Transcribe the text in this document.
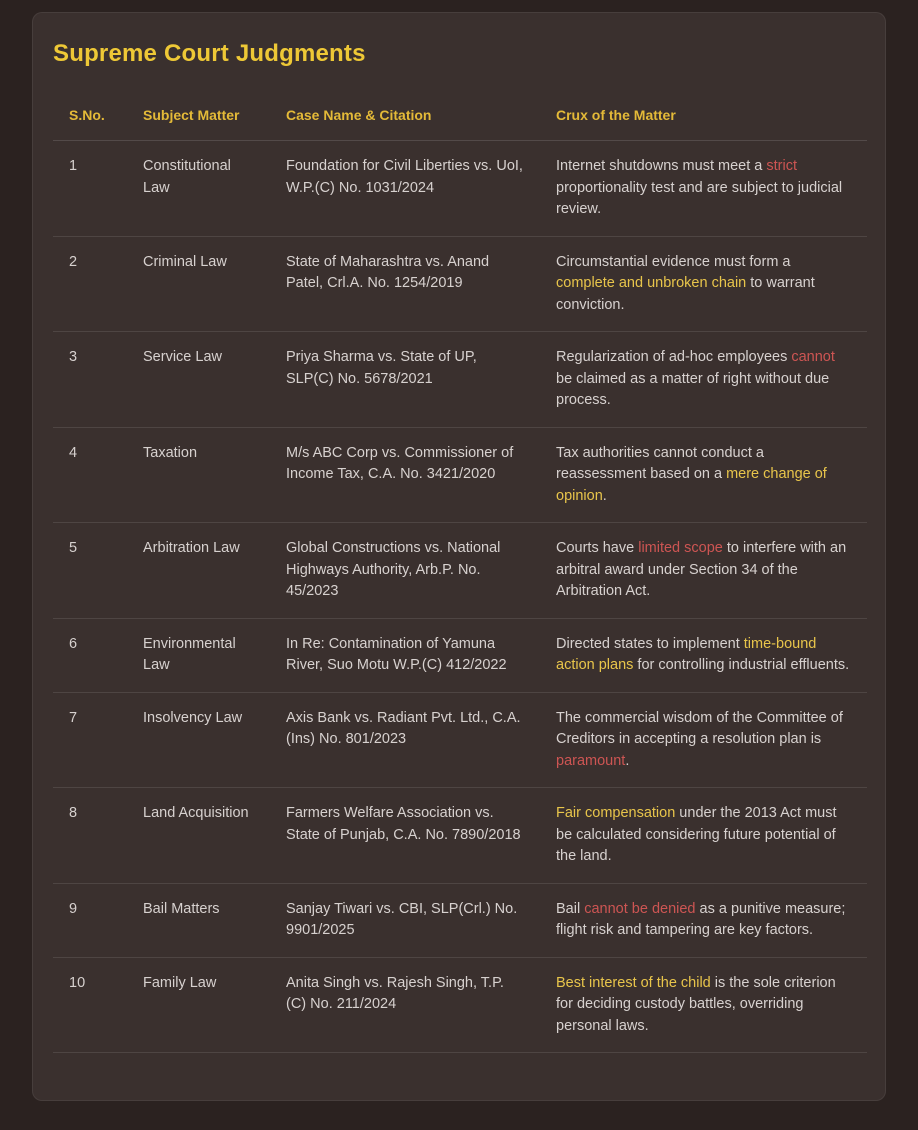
Supreme Court Judgments
S.No.	Subject Matter	Case Name & Citation	Crux of the Matter
1	Constitutional Law	Foundation for Civil Liberties vs. UoI, W.P.(C) No. 1031/2024	Internet shutdowns must meet a strict proportionality test and are subject to judicial review.
2	Criminal Law	State of Maharashtra vs. Anand Patel, Crl.A. No. 1254/2019	Circumstantial evidence must form a complete and unbroken chain to warrant conviction.
3	Service Law	Priya Sharma vs. State of UP, SLP(C) No. 5678/2021	Regularization of ad-hoc employees cannot be claimed as a matter of right without due process.
4	Taxation	M/s ABC Corp vs. Commissioner of Income Tax, C.A. No. 3421/2020	Tax authorities cannot conduct a reassessment based on a mere change of opinion.
5	Arbitration Law	Global Constructions vs. National Highways Authority, Arb.P. No. 45/2023	Courts have limited scope to interfere with an arbitral award under Section 34 of the Arbitration Act.
6	Environmental Law	In Re: Contamination of Yamuna River, Suo Motu W.P.(C) 412/2022	Directed states to implement time-bound action plans for controlling industrial effluents.
7	Insolvency Law	Axis Bank vs. Radiant Pvt. Ltd., C.A. (Ins) No. 801/2023	The commercial wisdom of the Committee of Creditors in accepting a resolution plan is paramount.
8	Land Acquisition	Farmers Welfare Association vs. State of Punjab, C.A. No. 7890/2018	Fair compensation under the 2013 Act must be calculated considering future potential of the land.
9	Bail Matters	Sanjay Tiwari vs. CBI, SLP(Crl.) No. 9901/2025	Bail cannot be denied as a punitive measure; flight risk and tampering are key factors.
10	Family Law	Anita Singh vs. Rajesh Singh, T.P.(C) No. 211/2024	Best interest of the child is the sole criterion for deciding custody battles, overriding personal laws.
